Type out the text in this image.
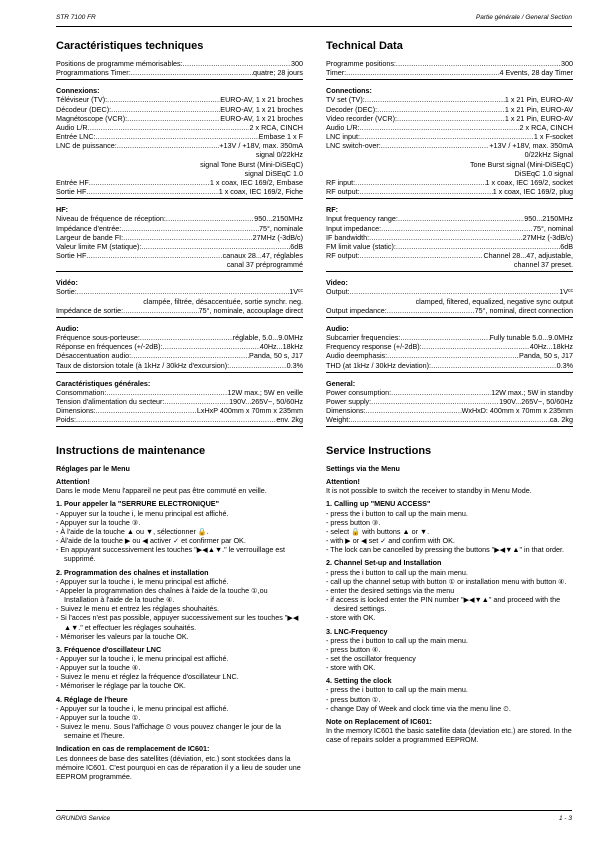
STR 7100 FR	Partie générale / General Section
Caractéristiques techniques
Positions de programme mémorisables: .....	300
Programmations Timer: .....	quatre; 28 jours
Connexions:
Téléviseur (TV): .....	EURO-AV, 1 x 21 broches
Décodeur (DEC): .....	EURO-AV, 1 x 21 broches
Magnétoscope (VCR): .....	EURO-AV, 1 x 21 broches
Audio L/R .....	2 x RCA, CINCH
Entrée LNC: .....	Embase 1 x F
LNC de puissance: .....	+13V / +18V, max. 350mA
signal 0/22kHz
signal Tone Burst (Mini-DiSEqC)
signal DiSEqC 1.0
Entrée HF .....	1 x coax, IEC 169/2, Embase
Sortie HF .....	1 x coax, IEC 169/2, Fiche
HF:
Niveau de fréquence de réception: .....	950...2150MHz
Impédance d'entrée: .....	75°, nominale
Largeur de bande FI: .....	27MHz (-3dB/c)
Valeur limite FM (statique): .....	6dB
Sortie HF .....	canaux 28...47, réglables
canal 37 préprogrammé
Vidéo:
Sortie: .....	1V cc
clampée, filtrée, désaccentuée, sortie synchr. neg.
Impédance de sortie: .....	75°, nominale, accouplage direct
Audio:
Fréquence sous-porteuse: .....	réglable, 5.0...9.0MHz
Réponse en fréquences (+/-2dB): .....	40Hz...18kHz
Désaccentuation audio: .....	Panda, 50 s, J17
Taux de distorsion totale (à 1kHz / 30kHz d'excursion): .....	0.3%
Caractéristiques générales:
Consommation: .....	12W max.; 5W en veille
Tension d'alimentation du secteur: .....	190V...265V~, 50/60Hz
Dimensions: .....	LxHxP 400mm x 70mm x 235mm
Poids: .....	env. 2kg
Technical Data
Programme positions: .....	300
Timer: .....	4 Events, 28 day Timer
Connections:
TV set (TV): .....	1 x 21 Pin, EURO-AV
Decoder (DEC): .....	1 x 21 Pin, EURO-AV
Video recorder (VCR): .....	1 x 21 Pin, EURO-AV
Audio L/R: .....	2 x RCA, CINCH
LNC input: .....	1 x F-socket
LNC switch-over: .....	+13V / +18V, max. 350mA
0/22kHz Signal
Tone Burst signal (Mini-DiSEqC)
DiSEqC 1.0 signal
RF input: .....	1 x coax, IEC 169/2, socket
RF output: .....	1 x coax, IEC 169/2, plug
RF:
Input frequency range: .....	950...2150MHz
Input impedance: .....	75°, nominal
IF bandwidth: .....	27MHz (-3dB/c)
FM limit value (static): .....	6dB
RF output: .....	Channel 28...47, adjustable,
channel 37 preset.
Video:
Output: .....	1V cc
clamped, filtered, equalized, negative sync output
Output impedance: .....	75°, nominal, direct connection
Audio:
Subcarrier frequencies: .....	Fully tunable 5.0...9.0MHz
Frequency response (+/-2dB): .....	40Hz...18kHz
Audio deemphasis: .....	Panda, 50 s, J17
THD (at 1kHz / 30kHz deviation): .....	0.3%
General:
Power consumption: .....	12W max.; 5W in standby
Power supply: .....	190V...265V~, 50/60Hz
Dimensions: .....	WxHxD: 400mm x 70mm x 235mm
Weight: .....	ca. 2kg
Instructions de maintenance
Réglages par le Menu
Attention!
Dans le mode Menu l'appareil ne peut pas être commuté en veille.
1. Pour appeler la "SERRURE ELECTRONIQUE"
- Appuyer sur la touche i, le menu principal est affiché.
- Appuyer sur la touche ③.
- À l'aide de la touche ▲ ou ▼, sélectionner 🔒.
- Àl'aide de la touche ▶ ou ◀ activer ✓ et confirmer par OK.
- En appuyant successivement les touches "▶◀▲▼." le verrouillage est supprimé.
2. Programmation des chaînes et installation
- Appuyer sur la touche i, le menu principal est affiché.
- Appeler la programmation des chaînes à l'aide de la touche ①,ou Installation à l'aide de la touche ④.
- Suivez le menu et entrez les réglages shouhaités.
- Si l'acces n'est pas possible, appuyer successivement sur les touches "▶◀ ▲▼." et effectuer les réglages souhaités.
- Mémoriser les valeurs par la touche OK.
3. Fréquence d'oscillateur LNC
- Appuyer sur la touche i, le menu principal est affiché.
- Appuyer sur la touche ④.
- Suivez le menu et réglez la fréquence d'oscillateur LNC.
- Mémoriser le réglage par la touche OK.
4. Réglage de l'heure
- Appuyer sur la touche i, le menu principal est affiché.
- Appuyer sur la touche ①.
- Suivez le menu. Sous l'affichage ⏲ vous pouvez changer le jour de la semaine et l'heure.
Indication en cas de remplacement de IC601:
Les donnees de base des satellites (déviation, etc.) sont stockées dans la mémoire IC601. C'est pourquoi en cas de réparation il y a lieu de souder une EEPROM programmée.
Service Instructions
Settings via the Menu
Attention!
It is not possible to switch the receiver to standby in Menu Mode.
1. Calling up "MENU ACCESS"
- press the i button to call up the main menu.
- press button ③.
- select 🔒 with buttons ▲ or ▼.
- with ▶ or ◀ set ✓ and confirm with OK.
- The lock can be cancelled by pressing the buttons "▶◀▼▲" in that order.
2. Channel Set-up and Installation
- press the i button to call up the main menu.
- call up the channel setup with button ① or installation menu with button ④.
- enter the desired settings via the menu
- if access is locked enter the PIN number "▶◀▼▲" and proceed with the desired settings.
- store with OK.
3. LNC-Frequency
- press the i button to call up the main menu.
- press button ④.
- set the oscillator frequency
- store with OK.
4. Setting the clock
- press the i button to call up the main menu.
- press button ①.
- change Day of Week and clock time via the menu line ⏲.
Note on Replacement of IC601:
In the memory IC601 the basic satellite data (deviation etc.) are stored. In the case of repairs solder a programmed EEPROM.
GRUNDIG Service	1 - 3
